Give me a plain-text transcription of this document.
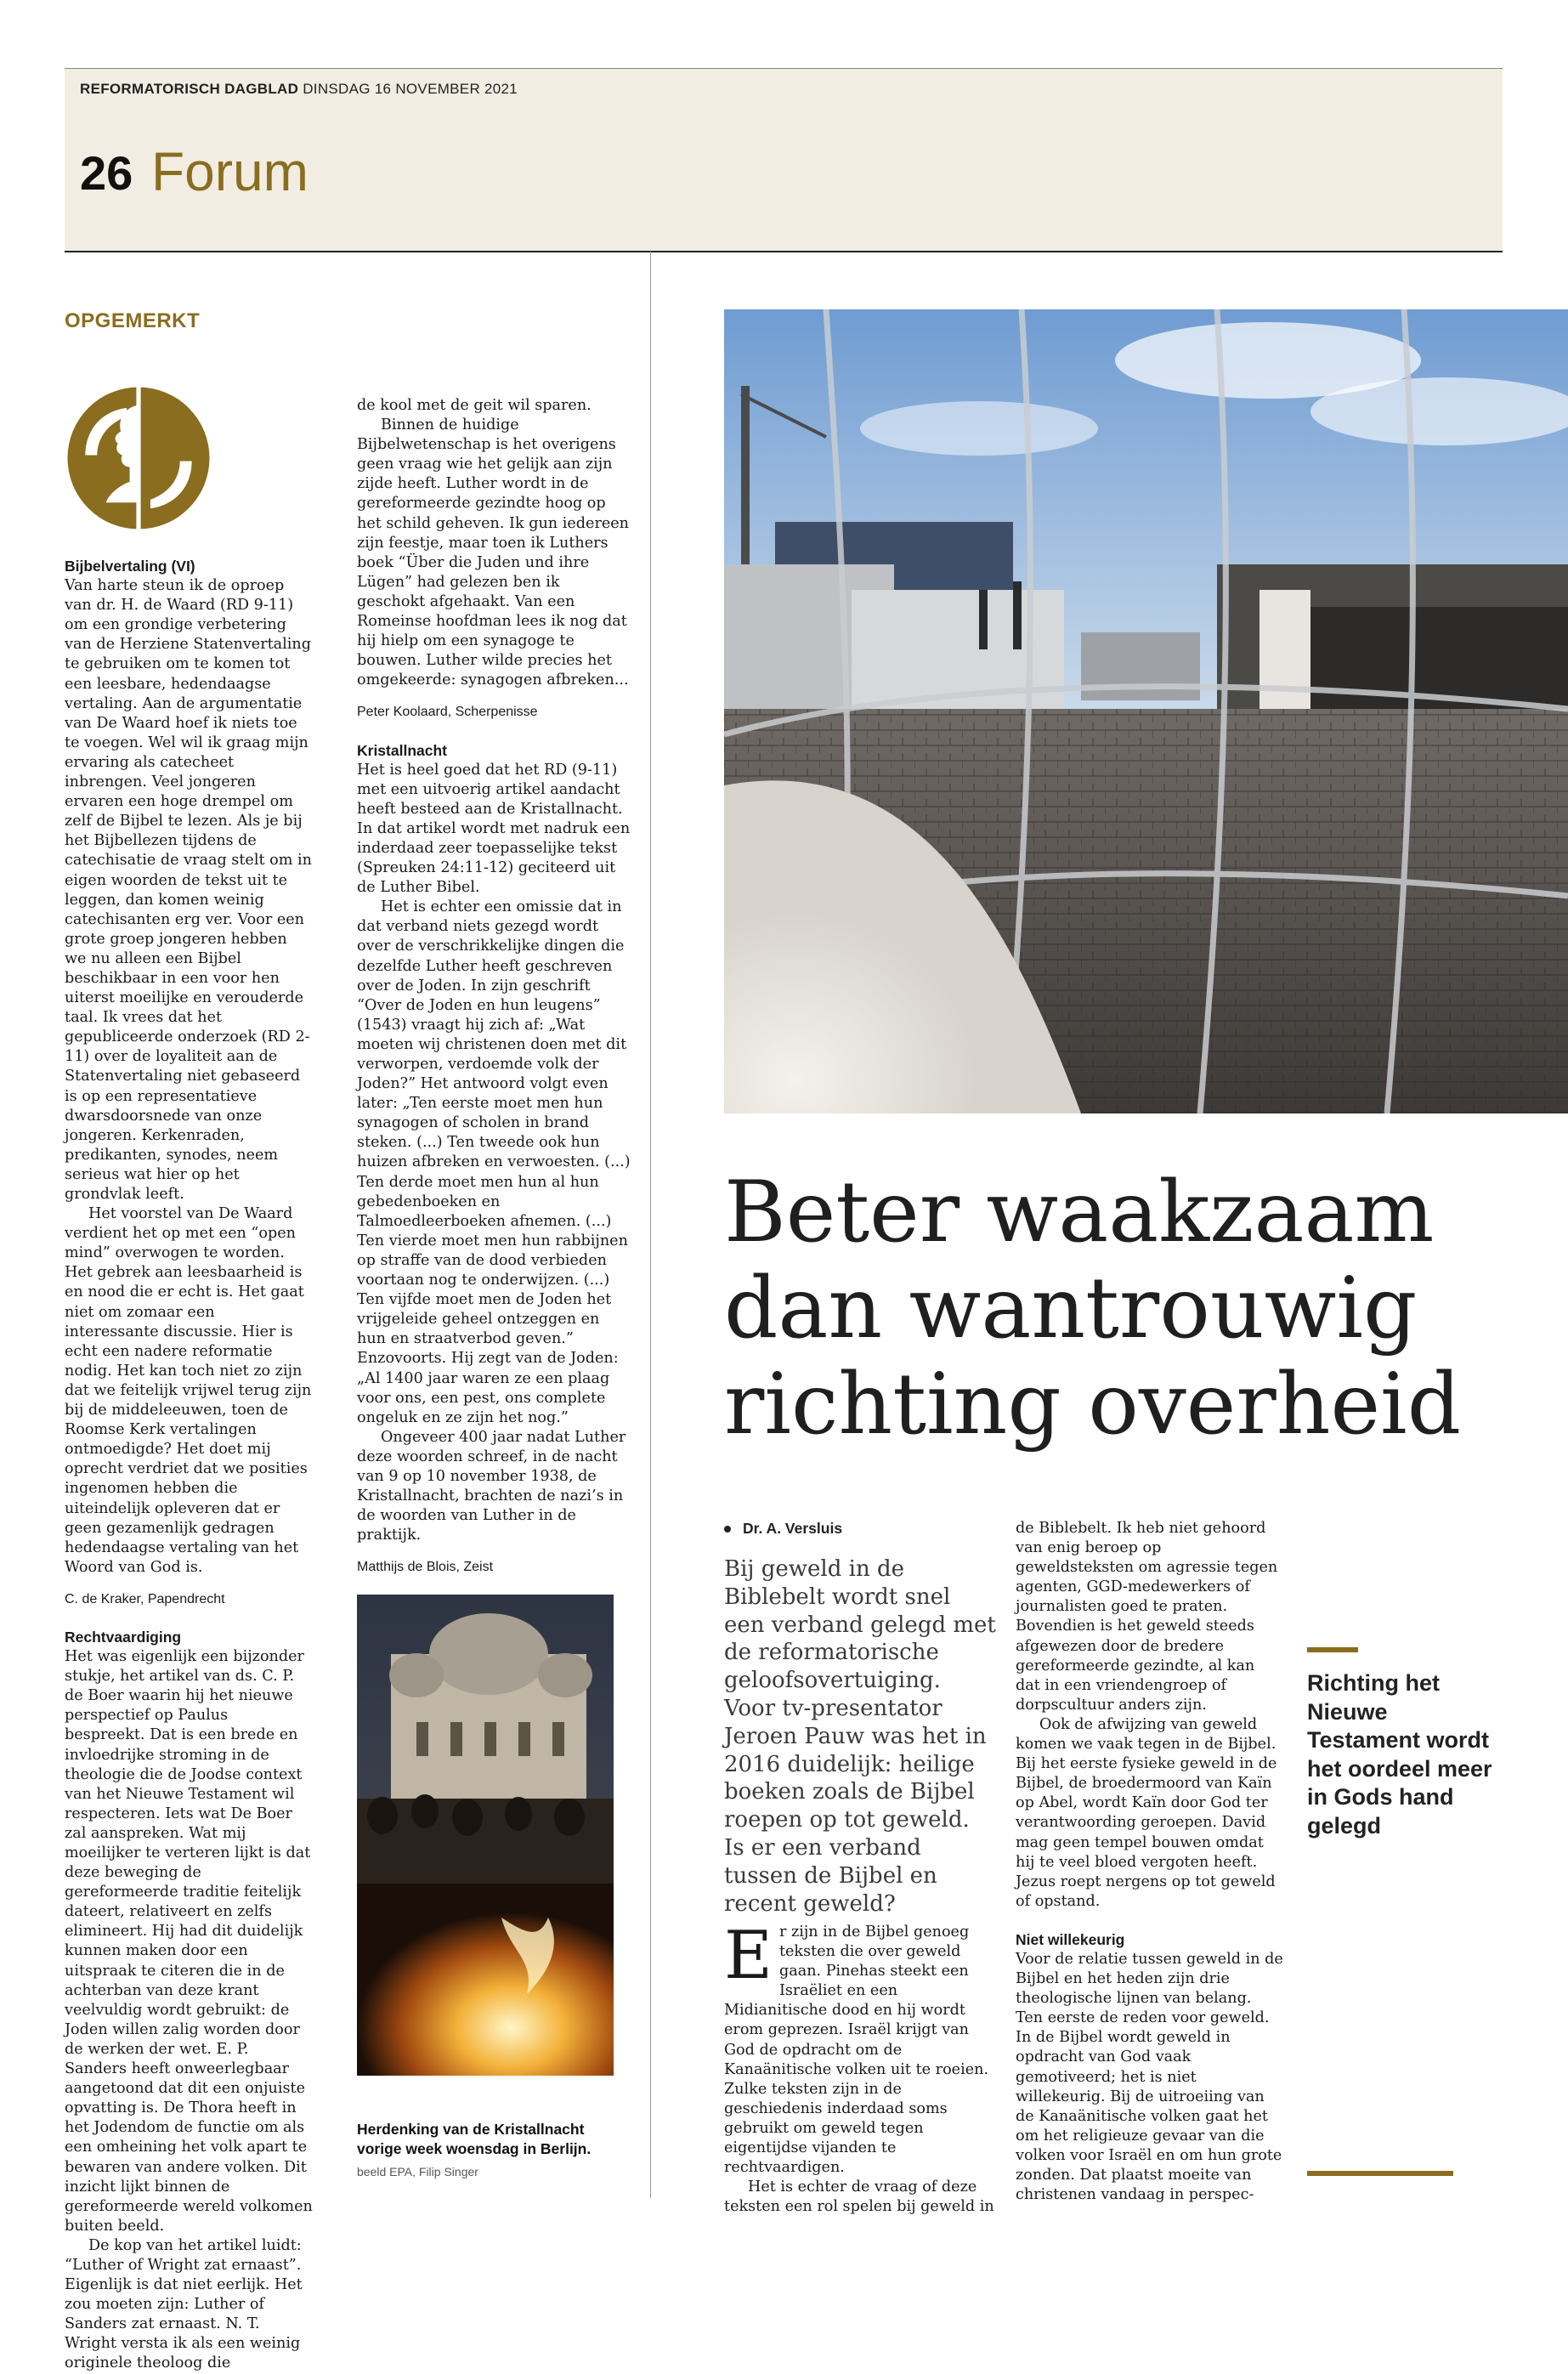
REFORMATORISCH DAGBLAD DINSDAG 16 NOVEMBER 2021
26 Forum
OPGEMERKT

Bijbelvertaling (VI)

Van harte steun ik de oproep van dr. H. de Waard (RD 9-11) om een grondige verbetering van de Herziene Statenvertaling te gebruiken om te komen tot een leesbare, hedendaagse vertaling. Aan de argumentatie van De Waard hoef ik niets toe te voegen. Wel wil ik graag mijn ervaring als catecheet inbrengen. Veel jongeren ervaren een hoge drempel om zelf de Bijbel te lezen. Als je bij het Bijbellezen tijdens de catechisatie de vraag stelt om in eigen woorden de tekst uit te leggen, dan komen weinig catechisanten erg ver. Voor een grote groep jongeren hebben we nu alleen een Bijbel beschikbaar in een voor hen uiterst moeilijke en verouderde taal. Ik vrees dat het gepubliceerde onderzoek (RD 2-11) over de loyaliteit aan de Statenvertaling niet gebaseerd is op een representatieve dwarsdoorsnede van onze jongeren. Kerkenraden, predikanten, synodes, neem serieus wat hier op het grondvlak leeft.

Het voorstel van De Waard verdient het op met een “open mind” overwogen te worden. Het gebrek aan leesbaarheid is en nood die er echt is. Het gaat niet om zomaar een interessante discussie. Hier is echt een nadere reformatie nodig. Het kan toch niet zo zijn dat we feitelijk vrijwel terug zijn bij de middeleeuwen, toen de Roomse Kerk vertalingen ontmoedigde? Het doet mij oprecht verdriet dat we posities ingenomen hebben die uiteindelijk opleveren dat er geen gezamenlijk gedragen hedendaagse vertaling van het Woord van God is.

C. de Kraker, Papendrecht

Rechtvaardiging

Het was eigenlijk een bijzonder stukje, het artikel van ds. C. P. de Boer waarin hij het nieuwe perspectief op Paulus bespreekt. Dat is een brede en invloedrijke stroming in de theologie die de Joodse context van het Nieuwe Testament wil respecteren. Iets wat De Boer zal aanspreken. Wat mij moeilijker te verteren lijkt is dat deze beweging de gereformeerde traditie feitelijk dateert, relativeert en zelfs elimineert. Hij had dit duidelijk kunnen maken door een uitspraak te citeren die in de achterban van deze krant veelvuldig wordt gebruikt: de Joden willen zalig worden door de werken der wet. E. P. Sanders heeft onweerlegbaar aangetoond dat dit een onjuiste opvatting is. De Thora heeft in het Jodendom de functie om als een omheining het volk apart te bewaren van andere volken. Dit inzicht lijkt binnen de gereformeerde wereld volkomen buiten beeld.

De kop van het artikel luidt: “Luther of Wright zat ernaast”. Eigenlijk is dat niet eerlijk. Het zou moeten zijn: Luther of Sanders zat ernaast. N. T. Wright versta ik als een weinig originele theoloog die

de kool met de geit wil sparen.

Binnen de huidige Bijbelwetenschap is het overigens geen vraag wie het gelijk aan zijn zijde heeft. Luther wordt in de gereformeerde gezindte hoog op het schild geheven. Ik gun iedereen zijn feestje, maar toen ik Luthers boek “Über die Juden und ihre Lügen” had gelezen ben ik geschokt afgehaakt. Van een Romeinse hoofdman lees ik nog dat hij hielp om een synagoge te bouwen. Luther wilde precies het omgekeerde: synagogen afbreken...

Peter Koolaard, Scherpenisse

Kristallnacht

Het is heel goed dat het RD (9-11) met een uitvoerig artikel aandacht heeft besteed aan de Kristallnacht. In dat artikel wordt met nadruk een inderdaad zeer toepasselijke tekst (Spreuken 24:11-12) geciteerd uit de Luther Bibel.

Het is echter een omissie dat in dat verband niets gezegd wordt over de verschrikkelijke dingen die dezelfde Luther heeft geschreven over de Joden. In zijn geschrift “Over de Joden en hun leugens” (1543) vraagt hij zich af: „Wat moeten wij christenen doen met dit verworpen, verdoemde volk der Joden?” Het antwoord volgt even later: „Ten eerste moet men hun synagogen of scholen in brand steken. (...) Ten tweede ook hun huizen afbreken en verwoesten. (...) Ten derde moet men hun al hun gebedenboeken en Talmoedleerboeken afnemen. (...) Ten vierde moet men hun rabbijnen op straffe van de dood verbieden voortaan nog te onderwijzen. (...) Ten vijfde moet men de Joden het vrijgeleide geheel ontzeggen en hun en straatverbod geven.” Enzovoorts. Hij zegt van de Joden: „Al 1400 jaar waren ze een plaag voor ons, een pest, ons complete ongeluk en ze zijn het nog.”

Ongeveer 400 jaar nadat Luther deze woorden schreef, in de nacht van 9 op 10 november 1938, de Kristallnacht, brachten de nazi’s in de woorden van Luther in de praktijk.

Matthijs de Blois, Zeist

Herdenking van de Kristallnacht vorige week woensdag in Berlijn.
beeld EPA, Filip Singer
Beter waakzaam dan wantrouwig richting overheid
Dr. A. Versluis
Bij geweld in de Biblebelt wordt snel een verband gelegd met de reformatorische geloofsovertuiging. Voor tv-presentator Jeroen Pauw was het in 2016 duidelijk: heilige boeken zoals de Bijbel roepen op tot geweld. Is er een verband tussen de Bijbel en recent geweld?

Er zijn in de Bijbel genoeg teksten die over geweld gaan. Pinehas steekt een Israëliet en een Midianitische dood en hij wordt erom geprezen. Israël krijgt van God de opdracht om de Kanaänitische volken uit te roeien. Zulke teksten zijn in de geschiedenis inderdaad soms gebruikt om geweld tegen eigentijdse vijanden te rechtvaardigen.

Het is echter de vraag of deze teksten een rol spelen bij geweld in

de Biblebelt. Ik heb niet gehoord van enig beroep op geweldsteksten om agressie tegen agenten, GGD-medewerkers of journalisten goed te praten. Bovendien is het geweld steeds afgewezen door de bredere gereformeerde gezindte, al kan dat in een vriendengroep of dorpscultuur anders zijn.

Ook de afwijzing van geweld komen we vaak tegen in de Bijbel. Bij het eerste fysieke geweld in de Bijbel, de broedermoord van Kaïn op Abel, wordt Kaïn door God ter verantwoording geroepen. David mag geen tempel bouwen omdat hij te veel bloed vergoten heeft. Jezus roept nergens op tot geweld of opstand.

Niet willekeurig

Voor de relatie tussen geweld in de Bijbel en het heden zijn drie theologische lijnen van belang. Ten eerste de reden voor geweld. In de Bijbel wordt geweld in opdracht van God vaak gemotiveerd; het is niet willekeurig. Bij de uitroeiing van de Kanaänitische volken gaat het om het religieuze gevaar van die volken voor Israël en om hun grote zonden. Dat plaatst moeite van christenen vandaag in perspec-

Richting het Nieuwe Testament wordt het oordeel meer in Gods hand gelegd
